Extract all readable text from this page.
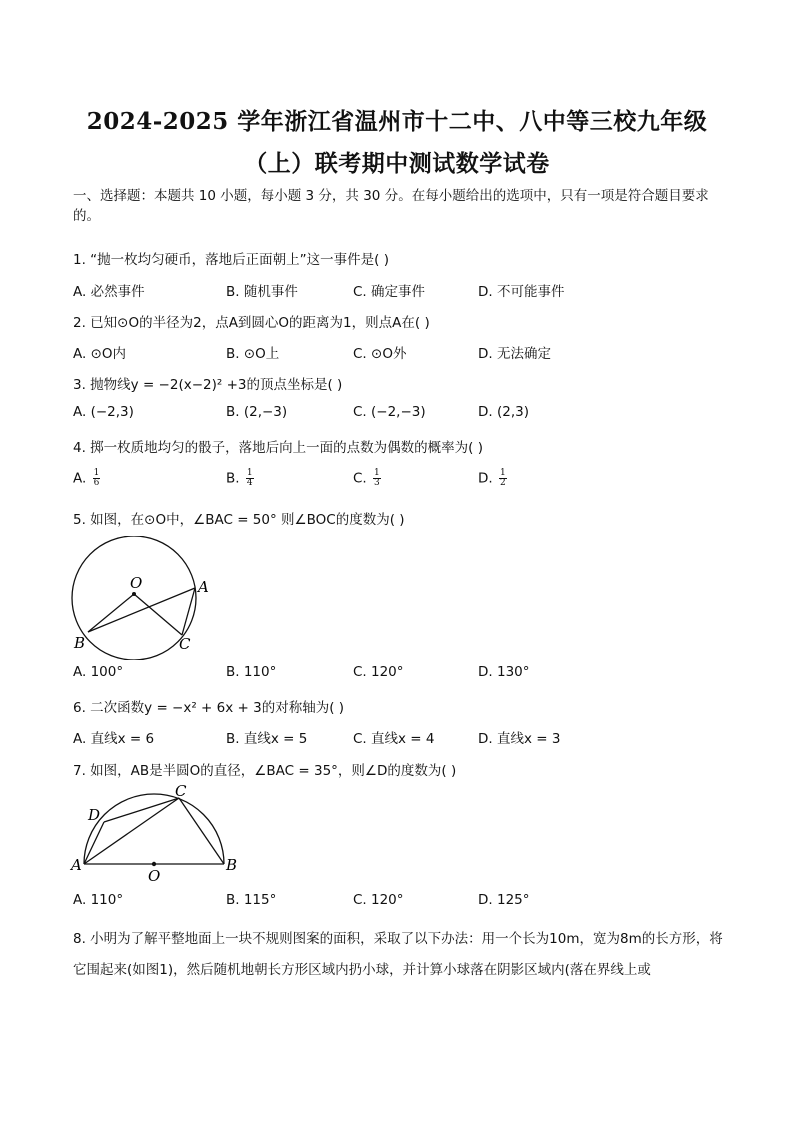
2024-2025 学年浙江省温州市十二中、八中等三校九年级
（上）联考期中测试数学试卷
一、选择题：本题共 10 小题，每小题 3 分，共 30 分。在每小题给出的选项中，只有一项是符合题目要求的。
1. “抛一枚均匀硬币，落地后正面朝上”这一事件是( )
A. 必然事件	B. 随机事件	C. 确定事件	D. 不可能事件
2. 已知⊙O的半径为2，点A到圆心O的距离为1，则点A在( )
A. ⊙O内	B. ⊙O上	C. ⊙O外	D. 无法确定
3. 抛物线y = −2(x−2)² +3的顶点坐标是( )
A. (−2,3)	B. (2,−3)	C. (−2,−3)	D. (2,3)
4. 掷一枚质地均匀的骰子，落地后向上一面的点数为偶数的概率为( )
A. $\frac{1}{6}$	B. $\frac{1}{4}$	C. $\frac{1}{3}$	D. $\frac{1}{2}$
5. 如图，在⊙O中，∠BAC = 50° 则∠BOC的度数为( )
O	A
B	C
A. 100°	B. 110°	C. 120°	D. 130°
6. 二次函数y = −x² + 6x + 3的对称轴为( )
A. 直线x = 6	B. 直线x = 5	C. 直线x = 4	D. 直线x = 3
7. 如图，AB是半圆O的直径，∠BAC = 35°，则∠D的度数为( )
A	B
C
D
O
A. 110°	B. 115°	C. 120°	D. 125°
8. 小明为了解平整地面上一块不规则图案的面积，采取了以下办法：用一个长为10m，宽为8m的长方形，将它围起来(如图1)，然后随机地朝长方形区域内扔小球，并计算小球落在阴影区域内(落在界线上或
